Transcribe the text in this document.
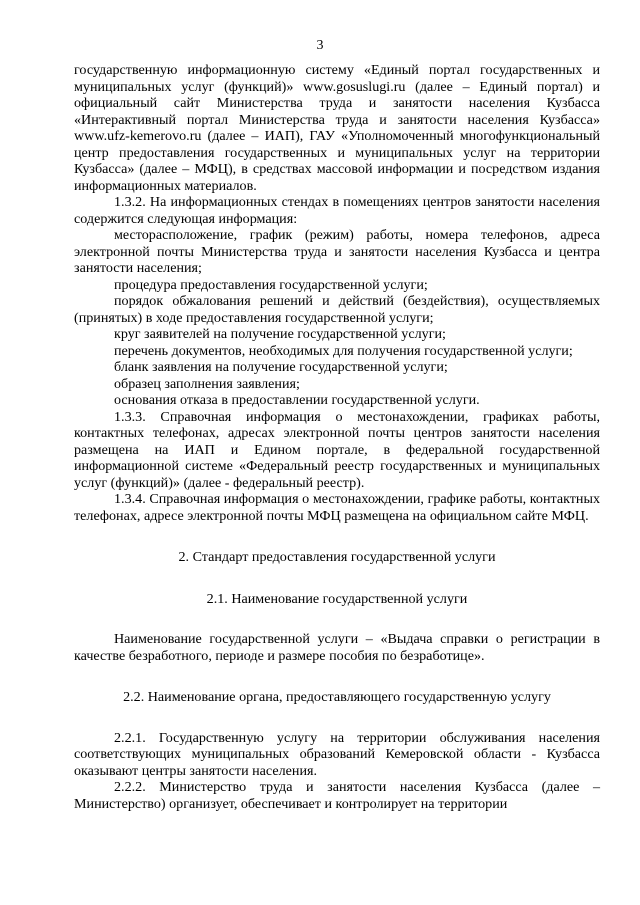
3

государственную информационную систему «Единый портал государственных и муниципальных услуг (функций)» www.gosuslugi.ru (далее – Единый портал) и официальный сайт Министерства труда и занятости населения Кузбасса «Интерактивный портал Министерства труда и занятости населения Кузбасса» www.ufz-kemerovo.ru (далее – ИАП), ГАУ «Уполномоченный многофункциональный центр предоставления государственных и муниципальных услуг на территории Кузбасса» (далее – МФЦ), в средствах массовой информации и посредством издания информационных материалов.

1.3.2. На информационных стендах в помещениях центров занятости населения содержится следующая информация:

месторасположение, график (режим) работы, номера телефонов, адреса электронной почты Министерства труда и занятости населения Кузбасса и центра занятости населения;

процедура предоставления государственной услуги;

порядок обжалования решений и действий (бездействия), осуществляемых (принятых) в ходе предоставления государственной услуги;

круг заявителей на получение государственной услуги;

перечень документов, необходимых для получения государственной услуги;

бланк заявления на получение государственной услуги;

образец заполнения заявления;

основания отказа в предоставлении государственной услуги.

1.3.3. Справочная информация о местонахождении, графиках работы, контактных телефонах, адресах электронной почты центров занятости населения размещена на ИАП и Едином портале, в федеральной государственной информационной системе «Федеральный реестр государственных и муниципальных услуг (функций)» (далее - федеральный реестр).

1.3.4. Справочная информация о местонахождении, графике работы, контактных телефонах, адресе электронной почты МФЦ размещена на официальном сайте МФЦ.

2. Стандарт предоставления государственной услуги

2.1. Наименование государственной услуги

Наименование государственной услуги – «Выдача справки о регистрации в качестве безработного, периоде и размере пособия по безработице».

2.2. Наименование органа, предоставляющего государственную услугу

2.2.1. Государственную услугу на территории обслуживания населения соответствующих муниципальных образований Кемеровской области - Кузбасса оказывают центры занятости населения.

2.2.2. Министерство труда и занятости населения Кузбасса (далее – Министерство) организует, обеспечивает и контролирует на территории
